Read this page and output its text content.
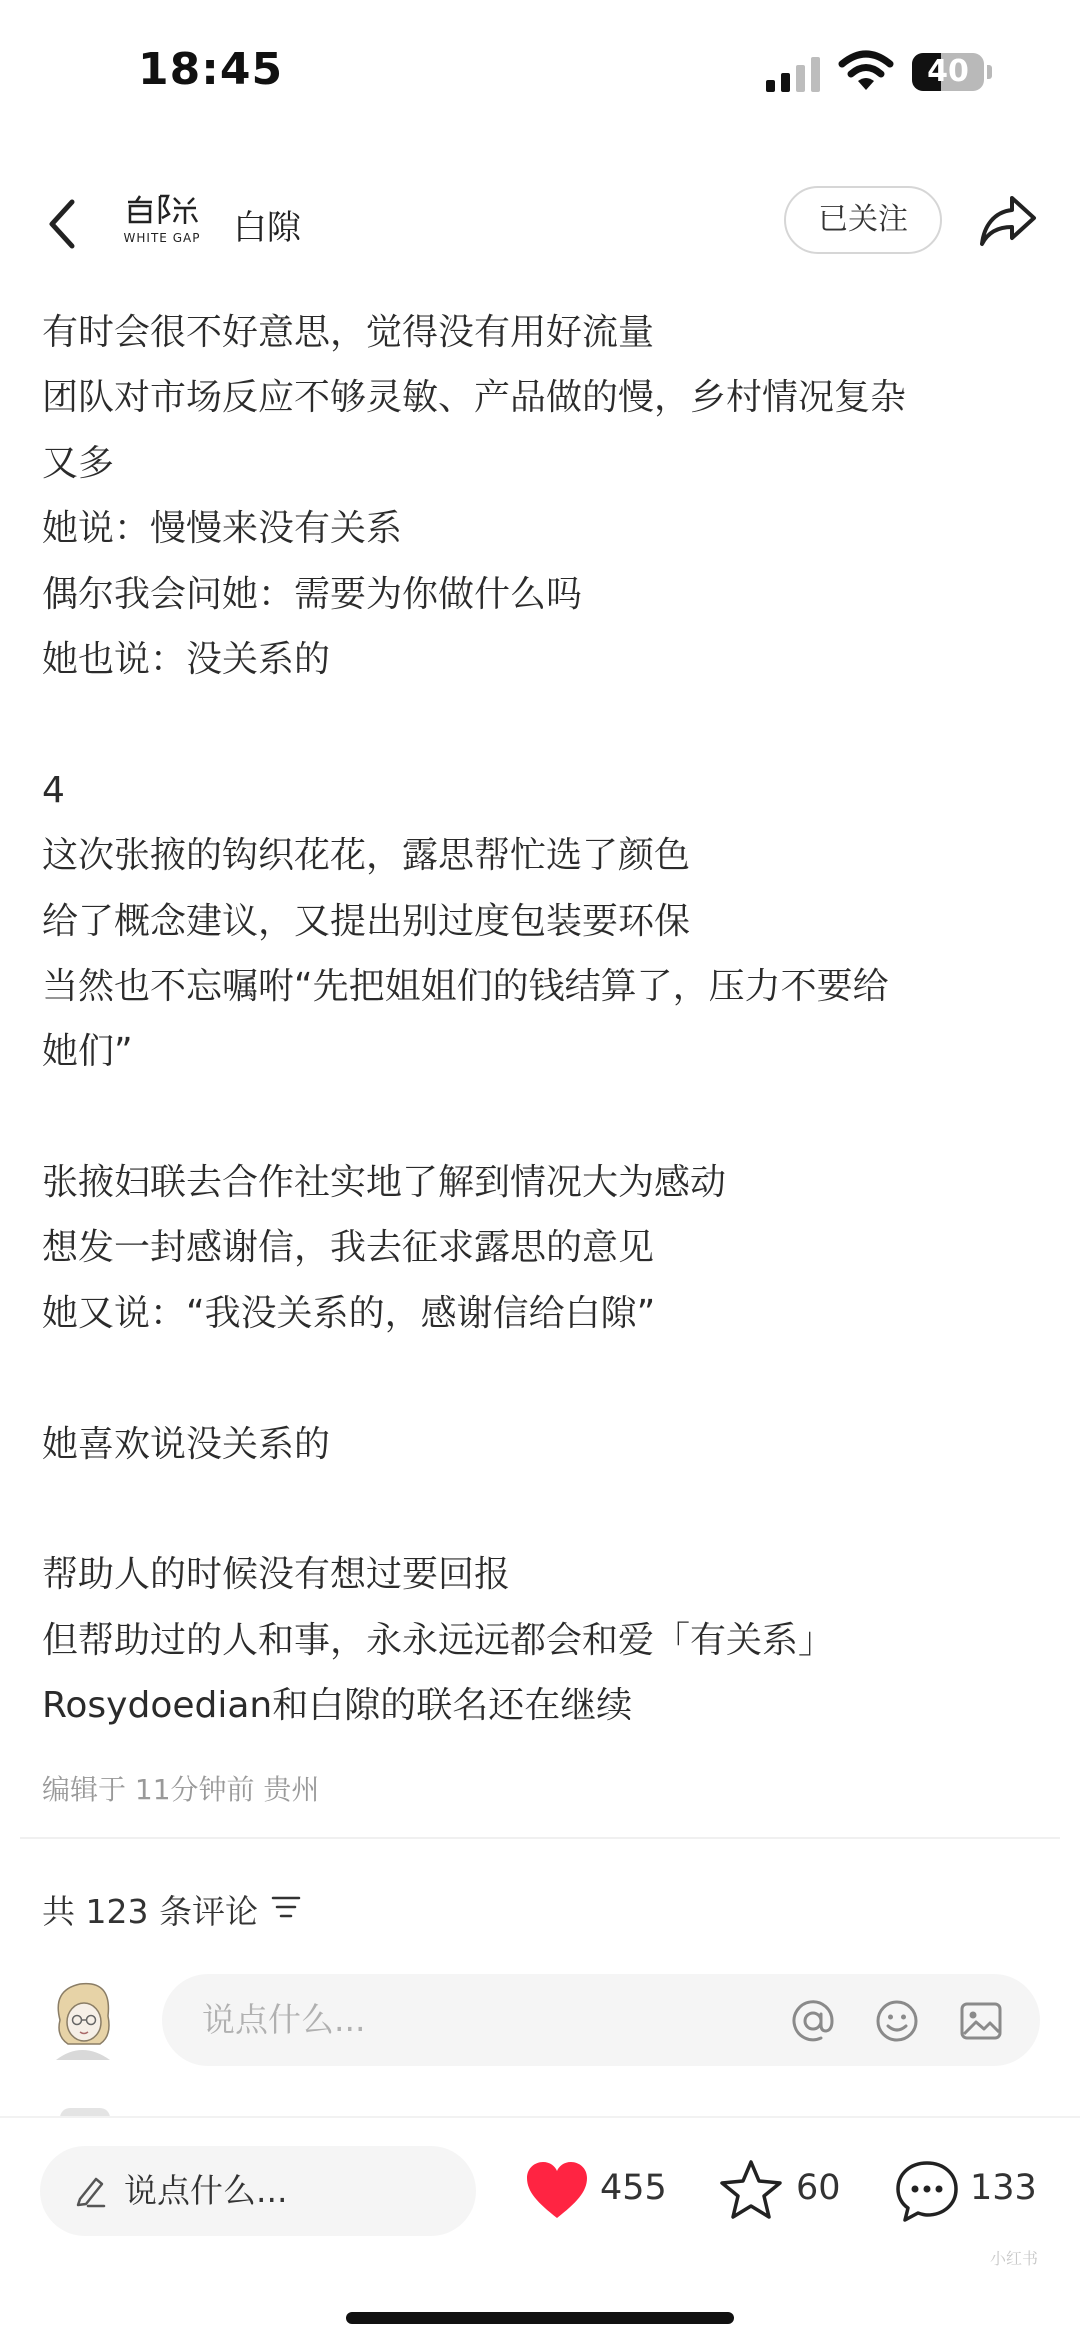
18:45	40
WHITE GAP 白隙	已关注
有时会很不好意思，觉得没有用好流量
团队对市场反应不够灵敏、产品做的慢，乡村情况复杂
又多
她说：慢慢来没有关系
偶尔我会问她：需要为你做什么吗
她也说：没关系的
4
这次张掖的钩织花花，露思帮忙选了颜色
给了概念建议，又提出别过度包装要环保
当然也不忘嘱咐“先把姐姐们的钱结算了，压力不要给
她们”
张掖妇联去合作社实地了解到情况大为感动
想发一封感谢信，我去征求露思的意见
她又说：“我没关系的，感谢信给白隙”
她喜欢说没关系的
帮助人的时候没有想过要回报
但帮助过的人和事，永永远远都会和爱「有关系」
Rosydoedian和白隙的联名还在继续
编辑于 11分钟前 贵州
共 123 条评论
说点什么...
说点什么...	455	60	133
小红书
